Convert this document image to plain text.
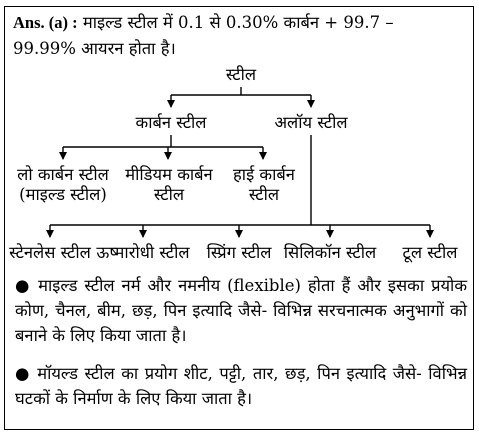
Ans. (a) : माइल्ड स्टील में 0.1 से 0.30% कार्बन + 99.7 –
99.99% आयरन होता है।
स्टील
कार्बन स्टील	अलॉय स्टील
लो कार्बन स्टील
(माइल्ड स्टील)
मीडियम कार्बन
स्टील
हाई कार्बन
स्टील
स्टेनलेस स्टील ऊष्मारोधी स्टील	स्प्रिंग स्टील सिलिकॉन स्टील	टूल स्टील
● माइल्ड स्टील नर्म और नमनीय (flexible) होता हैं और इसका प्रयोक कोण, चैनल, बीम, छड़, पिन इत्यादि जैसे- विभिन्न सरचनात्मक अनुभागों को बनाने के लिए किया जाता है।
● मॉयल्ड स्टील का प्रयोग शीट, पट्टी, तार, छड़, पिन इत्यादि जैसे- विभिन्न घटकों के निर्माण के लिए किया जाता है।
